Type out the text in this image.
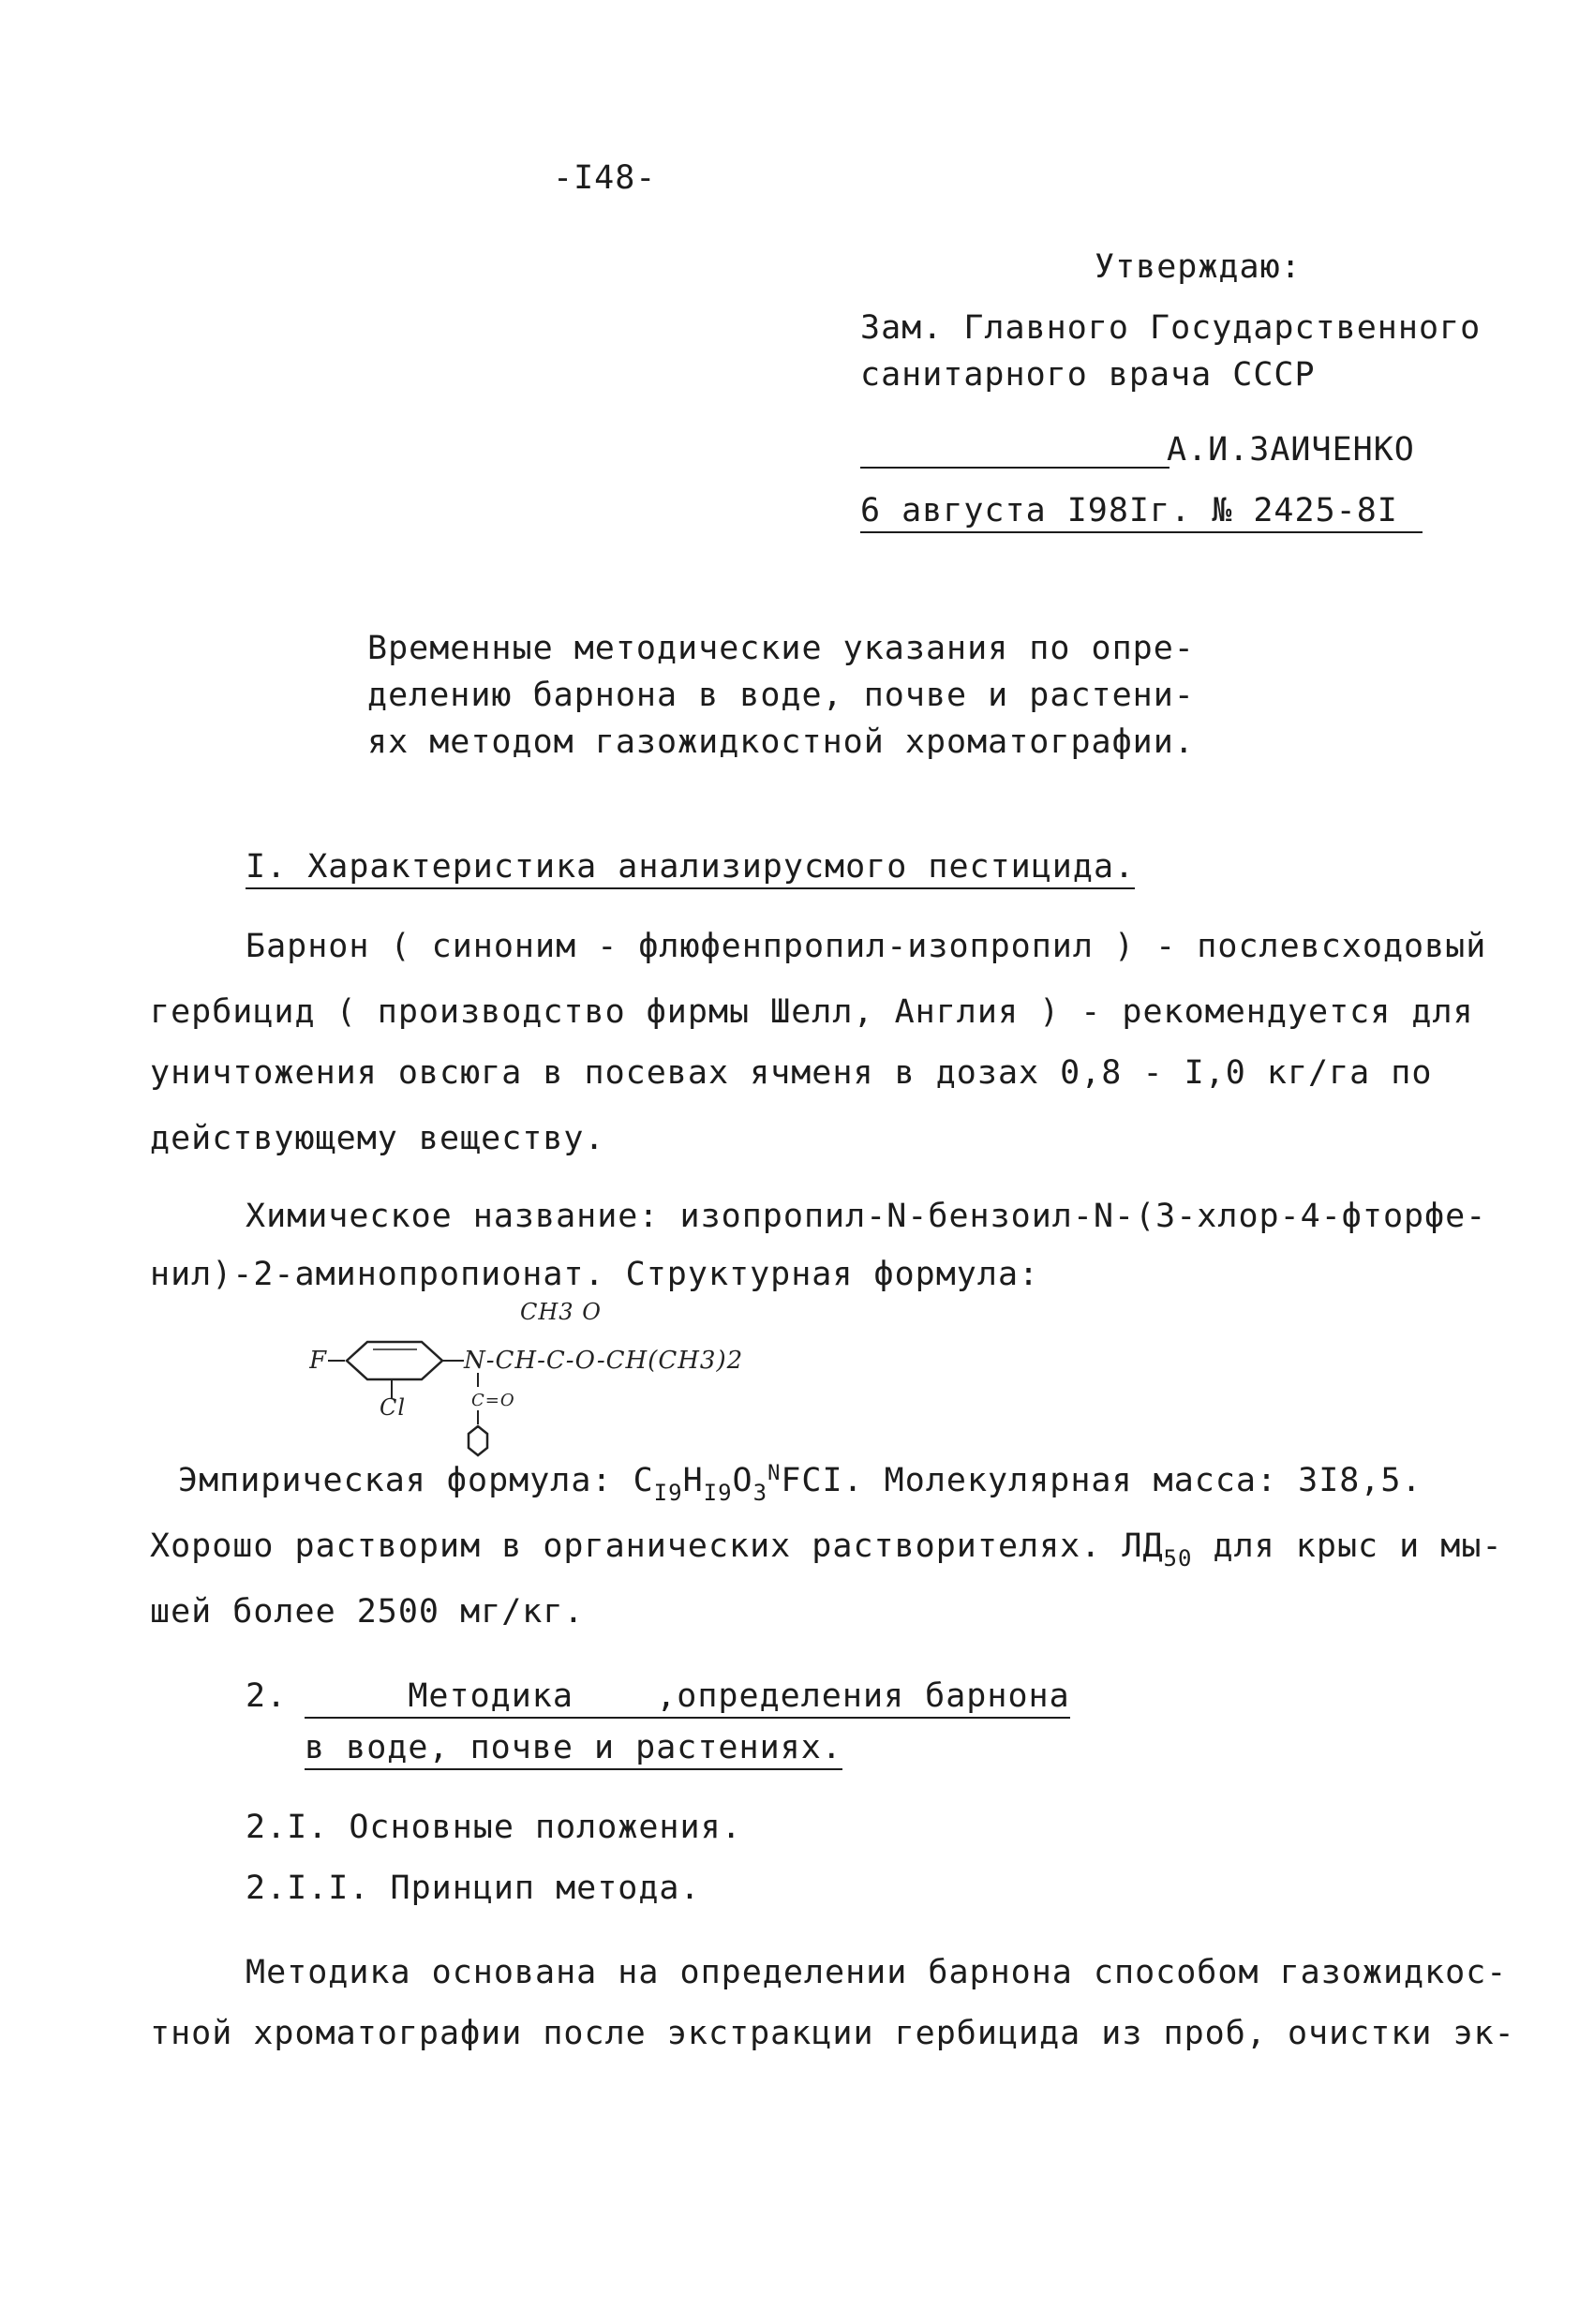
-I48-
Утверждаю:
Зам. Главного Государственного
санитарного врача СССР
А.И.ЗАИЧЕНКО
6 августа I98Iг. № 2425-8I
Временные методические указания по опре-
делению барнона в воде, почве и растени-
ях методом газожидкостной хроматографии.
I. Характеристика анализирусмого пестицида.
Барнон ( синоним - флюфенпропил-изопропил ) - послевсходовый
гербицид ( производство фирмы Шелл, Англия ) - рекомендуется для
уничтожения овсюга в посевах ячменя в дозах 0,8 - I,0 кг/га по
действующему веществу.
Химическое название: изопропил-N-бензоил-N-(3-хлор-4-фторфе-
нил)-2-аминопропионат. Структурная формула:
CH3 O
F	N-CH-C-O-CH(CH3)2
Cl	C=O
Эмпирическая формула: $C_{I9}H_{I9}O_3^NFCI$. Молекулярная масса: 3I8,5.
Хорошо растворим в органических растворителях. $ЛД_{50}$ для крыс и мы-
шей более 2500 мг/кг.
2. Методика    ,определения барнона
в воде, почве и растениях.
2.I. Основные положения.
2.I.I. Принцип метода.
Методика основана на определении барнона способом газожидкос-
тной хроматографии после экстракции гербицида из проб, очистки эк-
